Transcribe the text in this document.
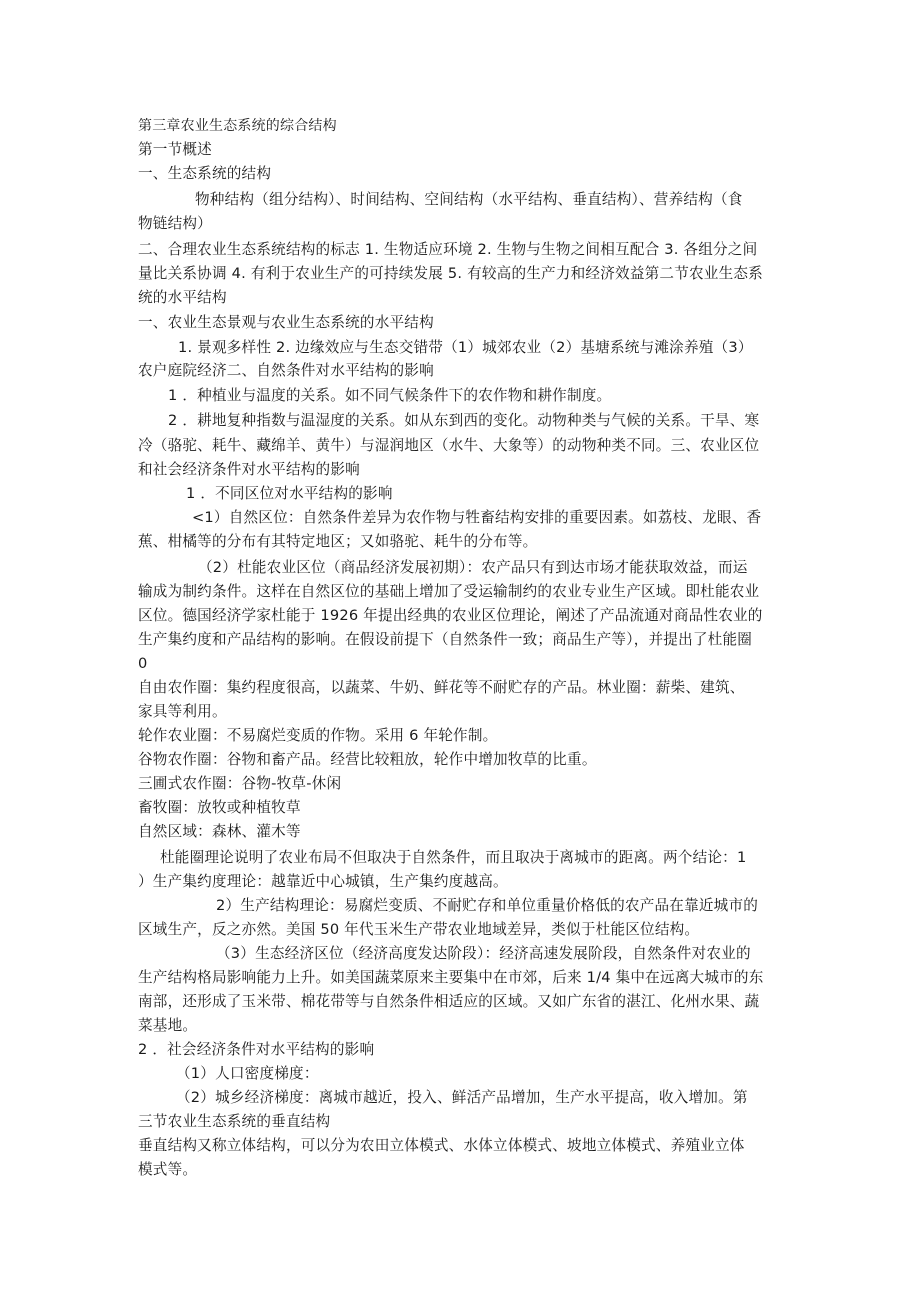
第三章农业生态系统的综合结构
第一节概述
一、生态系统的结构
物种结构（组分结构）、时间结构、空间结构（水平结构、垂直结构）、营养结构（食
物链结构）
二、合理农业生态系统结构的标志 1. 生物适应环境 2. 生物与生物之间相互配合 3. 各组分之间
量比关系协调 4. 有利于农业生产的可持续发展 5. 有较高的生产力和经济效益第二节农业生态系
统的水平结构
一、农业生态景观与农业生态系统的水平结构
1. 景观多样性 2. 边缘效应与生态交错带（1）城郊农业（2）基塘系统与滩涂养殖（3）
农户庭院经济二、自然条件对水平结构的影响
1 ．种植业与温度的关系。如不同气候条件下的农作物和耕作制度。
2 ．耕地复种指数与温湿度的关系。如从东到西的变化。动物种类与气候的关系。干旱、寒
冷（骆驼、耗牛、藏绵羊、黄牛）与湿润地区（水牛、大象等）的动物种类不同。三、农业区位
和社会经济条件对水平结构的影响
1 ．不同区位对水平结构的影响
<1）自然区位：自然条件差异为农作物与牲畜结构安排的重要因素。如荔枝、龙眼、香
蕉、柑橘等的分布有其特定地区；又如骆驼、耗牛的分布等。
（2）杜能农业区位（商品经济发展初期）：农产品只有到达市场才能获取效益，而运
输成为制约条件。这样在自然区位的基础上增加了受运输制约的农业专业生产区域。即杜能农业
区位。德国经济学家杜能于 1926 年提出经典的农业区位理论，阐述了产品流通对商品性农业的
生产集约度和产品结构的影响。在假设前提下（自然条件一致；商品生产等），并提出了杜能圈
0
自由农作圈：集约程度很高，以蔬菜、牛奶、鲜花等不耐贮存的产品。林业圈：薪柴、建筑、
家具等利用。
轮作农业圈：不易腐烂变质的作物。采用 6 年轮作制。
谷物农作圈：谷物和畜产品。经营比较粗放，轮作中增加牧草的比重。
三圃式农作圈：谷物-牧草-休闲
畜牧圈：放牧或种植牧草
自然区域：森林、灌木等
杜能圈理论说明了农业布局不但取决于自然条件，而且取决于离城市的距离。两个结论：1
）生产集约度理论：越靠近中心城镇，生产集约度越高。
2）生产结构理论：易腐烂变质、不耐贮存和单位重量价格低的农产品在靠近城市的
区域生产，反之亦然。美国 50 年代玉米生产带农业地域差异，类似于杜能区位结构。
（3）生态经济区位（经济高度发达阶段）：经济高速发展阶段，自然条件对农业的
生产结构格局影响能力上升。如美国蔬菜原来主要集中在市郊，后来 1/4 集中在远离大城市的东
南部，还形成了玉米带、棉花带等与自然条件相适应的区域。又如广东省的湛江、化州水果、蔬
菜基地。
2 ．社会经济条件对水平结构的影响
（1）人口密度梯度：
（2）城乡经济梯度：离城市越近，投入、鲜活产品增加，生产水平提高，收入增加。第
三节农业生态系统的垂直结构
垂直结构又称立体结构，可以分为农田立体模式、水体立体模式、坡地立体模式、养殖业立体
模式等。
